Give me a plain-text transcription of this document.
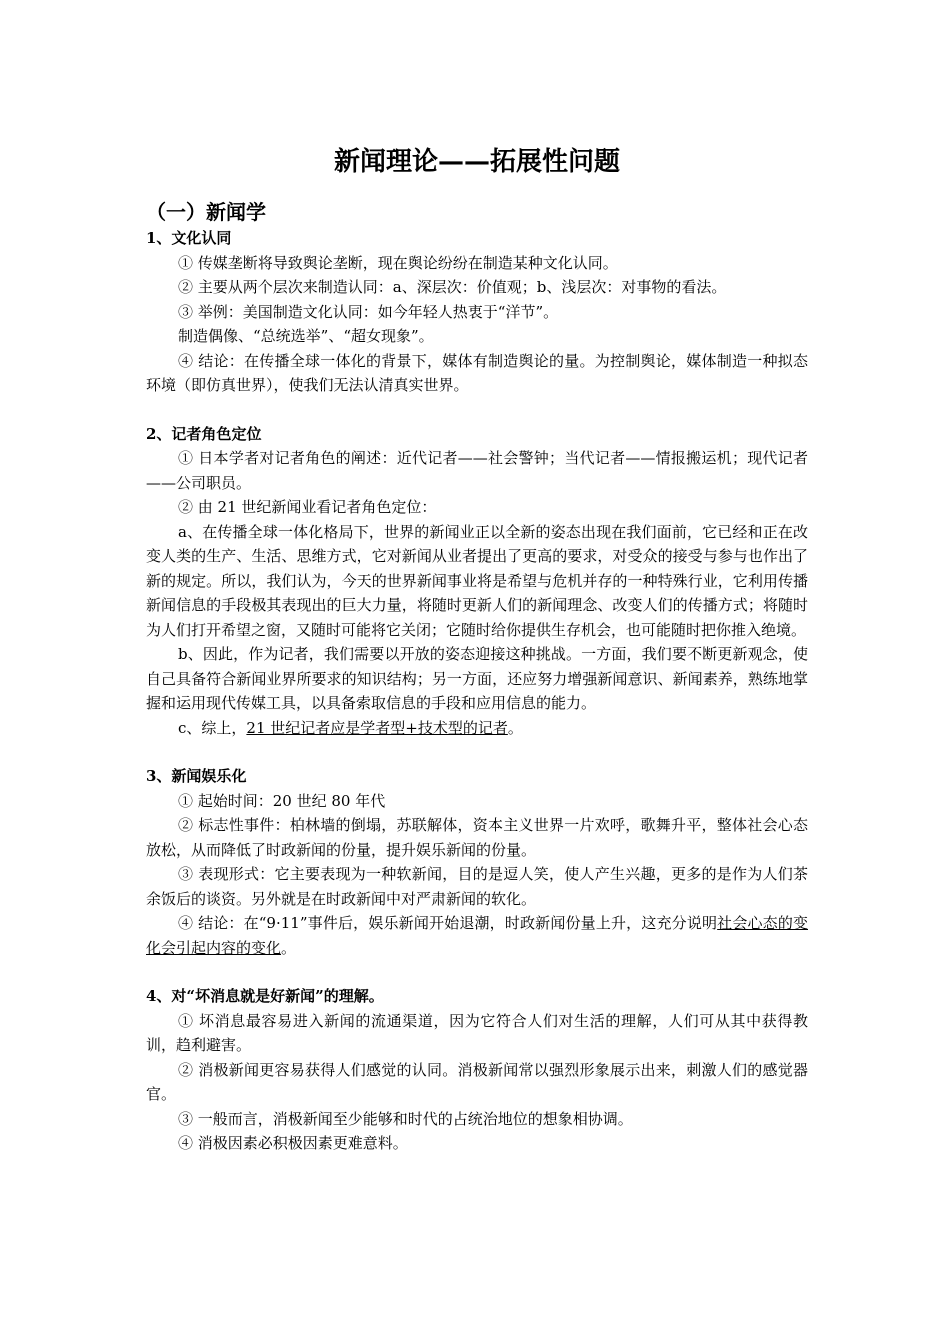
新闻理论——拓展性问题
（一）新闻学

1、文化认同

① 传媒垄断将导致舆论垄断，现在舆论纷纷在制造某种文化认同。

② 主要从两个层次来制造认同：a、深层次：价值观；b、浅层次：对事物的看法。

③ 举例：美国制造文化认同：如今年轻人热衷于“洋节”。

制造偶像、“总统选举”、“超女现象”。

④ 结论：在传播全球一体化的背景下，媒体有制造舆论的量。为控制舆论，媒体制造一种拟态环境（即仿真世界），使我们无法认清真实世界。

2、记者角色定位

① 日本学者对记者角色的阐述：近代记者——社会警钟；当代记者——情报搬运机；现代记者——公司职员。

② 由 21 世纪新闻业看记者角色定位：

a、在传播全球一体化格局下，世界的新闻业正以全新的姿态出现在我们面前，它已经和正在改变人类的生产、生活、思维方式，它对新闻从业者提出了更高的要求，对受众的接受与参与也作出了新的规定。所以，我们认为，今天的世界新闻事业将是希望与危机并存的一种特殊行业，它利用传播新闻信息的手段极其表现出的巨大力量，将随时更新人们的新闻理念、改变人们的传播方式；将随时为人们打开希望之窗，又随时可能将它关闭；它随时给你提供生存机会，也可能随时把你推入绝境。

b、因此，作为记者，我们需要以开放的姿态迎接这种挑战。一方面，我们要不断更新观念，使自己具备符合新闻业界所要求的知识结构；另一方面，还应努力增强新闻意识、新闻素养，熟练地掌握和运用现代传媒工具，以具备索取信息的手段和应用信息的能力。

c、综上，21 世纪记者应是学者型+技术型的记者。

3、新闻娱乐化

① 起始时间：20 世纪 80 年代

② 标志性事件：柏林墙的倒塌，苏联解体，资本主义世界一片欢呼，歌舞升平，整体社会心态放松，从而降低了时政新闻的份量，提升娱乐新闻的份量。

③ 表现形式：它主要表现为一种软新闻，目的是逗人笑，使人产生兴趣，更多的是作为人们茶余饭后的谈资。另外就是在时政新闻中对严肃新闻的软化。

④ 结论：在“9·11”事件后，娱乐新闻开始退潮，时政新闻份量上升，这充分说明社会心态的变化会引起内容的变化。

4、对“坏消息就是好新闻”的理解。

① 坏消息最容易进入新闻的流通渠道，因为它符合人们对生活的理解，人们可从其中获得教训，趋利避害。

② 消极新闻更容易获得人们感觉的认同。消极新闻常以强烈形象展示出来，刺激人们的感觉器官。

③ 一般而言，消极新闻至少能够和时代的占统治地位的想象相协调。

④ 消极因素必积极因素更难意料。
